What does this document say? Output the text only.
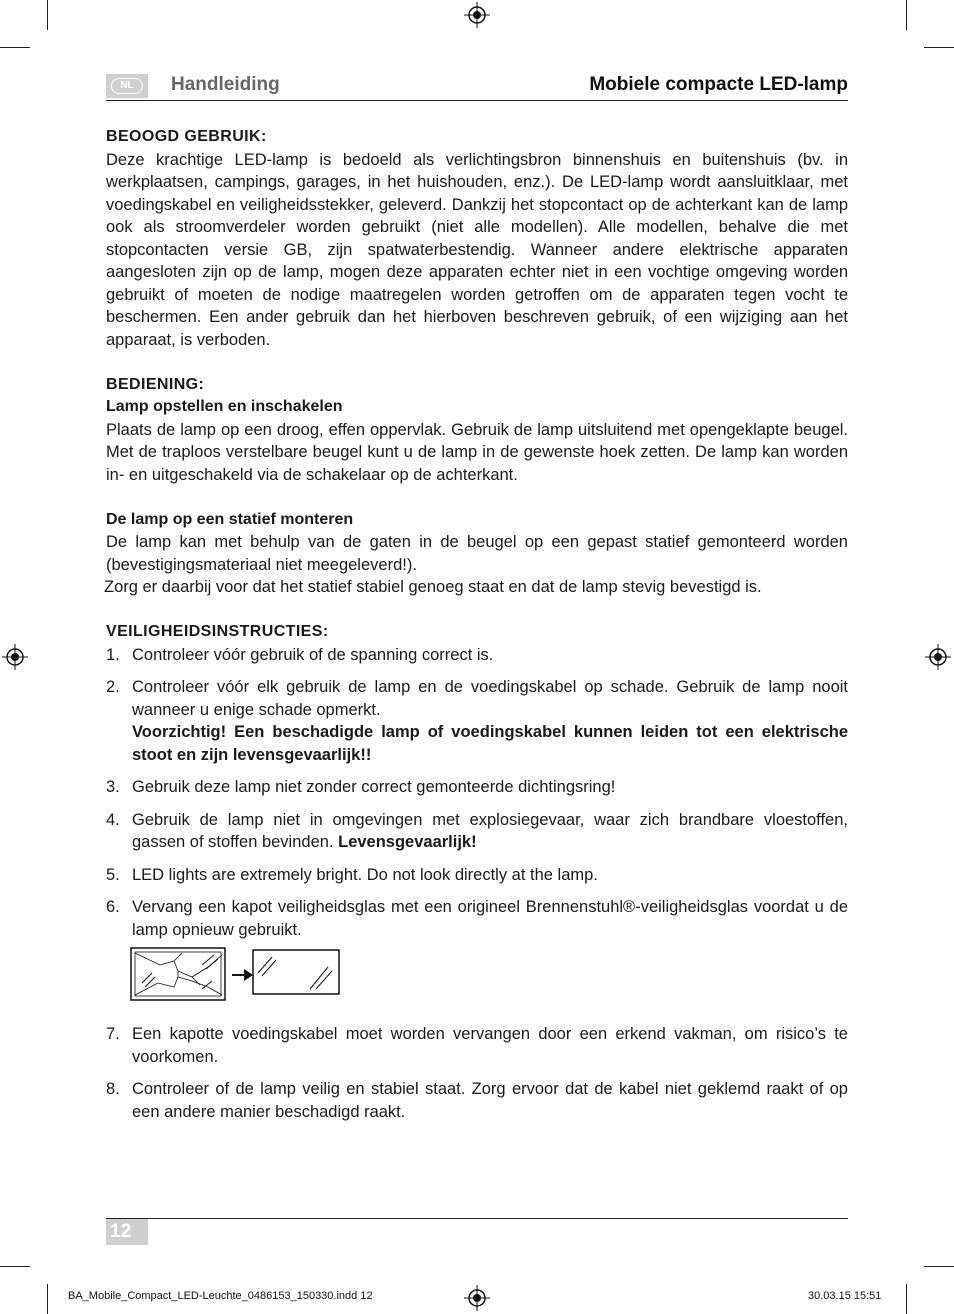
NL	Handleiding	Mobiele compacte LED-lamp
BEOOGD GEBRUIK:
Deze krachtige LED-lamp is bedoeld als verlichtingsbron binnenshuis en buitenshuis (bv. in werkplaatsen, campings, garages, in het huishouden, enz.). De LED-lamp wordt aansluitklaar, met voedingskabel en veiligheidsstekker, geleverd. Dankzij het stopcontact op de achterkant kan de lamp ook als stroomverdeler worden gebruikt (niet alle modellen). Alle modellen, behalve die met stopcontacten versie GB, zijn spatwaterbestendig. Wanneer andere elektrische apparaten aangesloten zijn op de lamp, mogen deze apparaten echter niet in een vochtige omgeving worden gebruikt of moeten de nodige maatregelen worden getroffen om de apparaten tegen vocht te beschermen. Een ander gebruik dan het hierboven beschreven gebruik, of een wijziging aan het apparaat, is verboden.
BEDIENING:
Lamp opstellen en inschakelen
Plaats de lamp op een droog, effen oppervlak. Gebruik de lamp uitsluitend met opengeklapte beugel. Met de traploos verstelbare beugel kunt u de lamp in de gewenste hoek zetten. De lamp kan worden in- en uitgeschakeld via de schakelaar op de achterkant.
De lamp op een statief monteren
De lamp kan met behulp van de gaten in de beugel op een gepast statief gemonteerd worden (bevestigingsmateriaal niet meegeleverd!).
Zorg er daarbij voor dat het statief stabiel genoeg staat en dat de lamp stevig bevestigd is.
VEILIGHEIDSINSTRUCTIES:
1. Controleer vóór gebruik of de spanning correct is.
2. Controleer vóór elk gebruik de lamp en de voedingskabel op schade. Gebruik de lamp nooit wanneer u enige schade opmerkt.
Voorzichtig! Een beschadigde lamp of voedingskabel kunnen leiden tot een elektrische stoot en zijn levensgevaarlijk!!
3. Gebruik deze lamp niet zonder correct gemonteerde dichtingsring!
4. Gebruik de lamp niet in omgevingen met explosiegevaar, waar zich brandbare vloestoffen, gassen of stoffen bevinden. Levensgevaarlijk!
5. LED lights are extremely bright. Do not look directly at the lamp.
6. Vervang een kapot veiligheidsglas met een origineel Brennenstuhl®-veiligheidsglas voordat u de lamp opnieuw gebruikt.
7. Een kapotte voedingskabel moet worden vervangen door een erkend vakman, om risico’s te voorkomen.
8. Controleer of de lamp veilig en stabiel staat. Zorg ervoor dat de kabel niet geklemd raakt of op een andere manier beschadigd raakt.
12
BA_Mobile_Compact_LED-Leuchte_0486153_150330.indd 12	30.03.15 15:51
